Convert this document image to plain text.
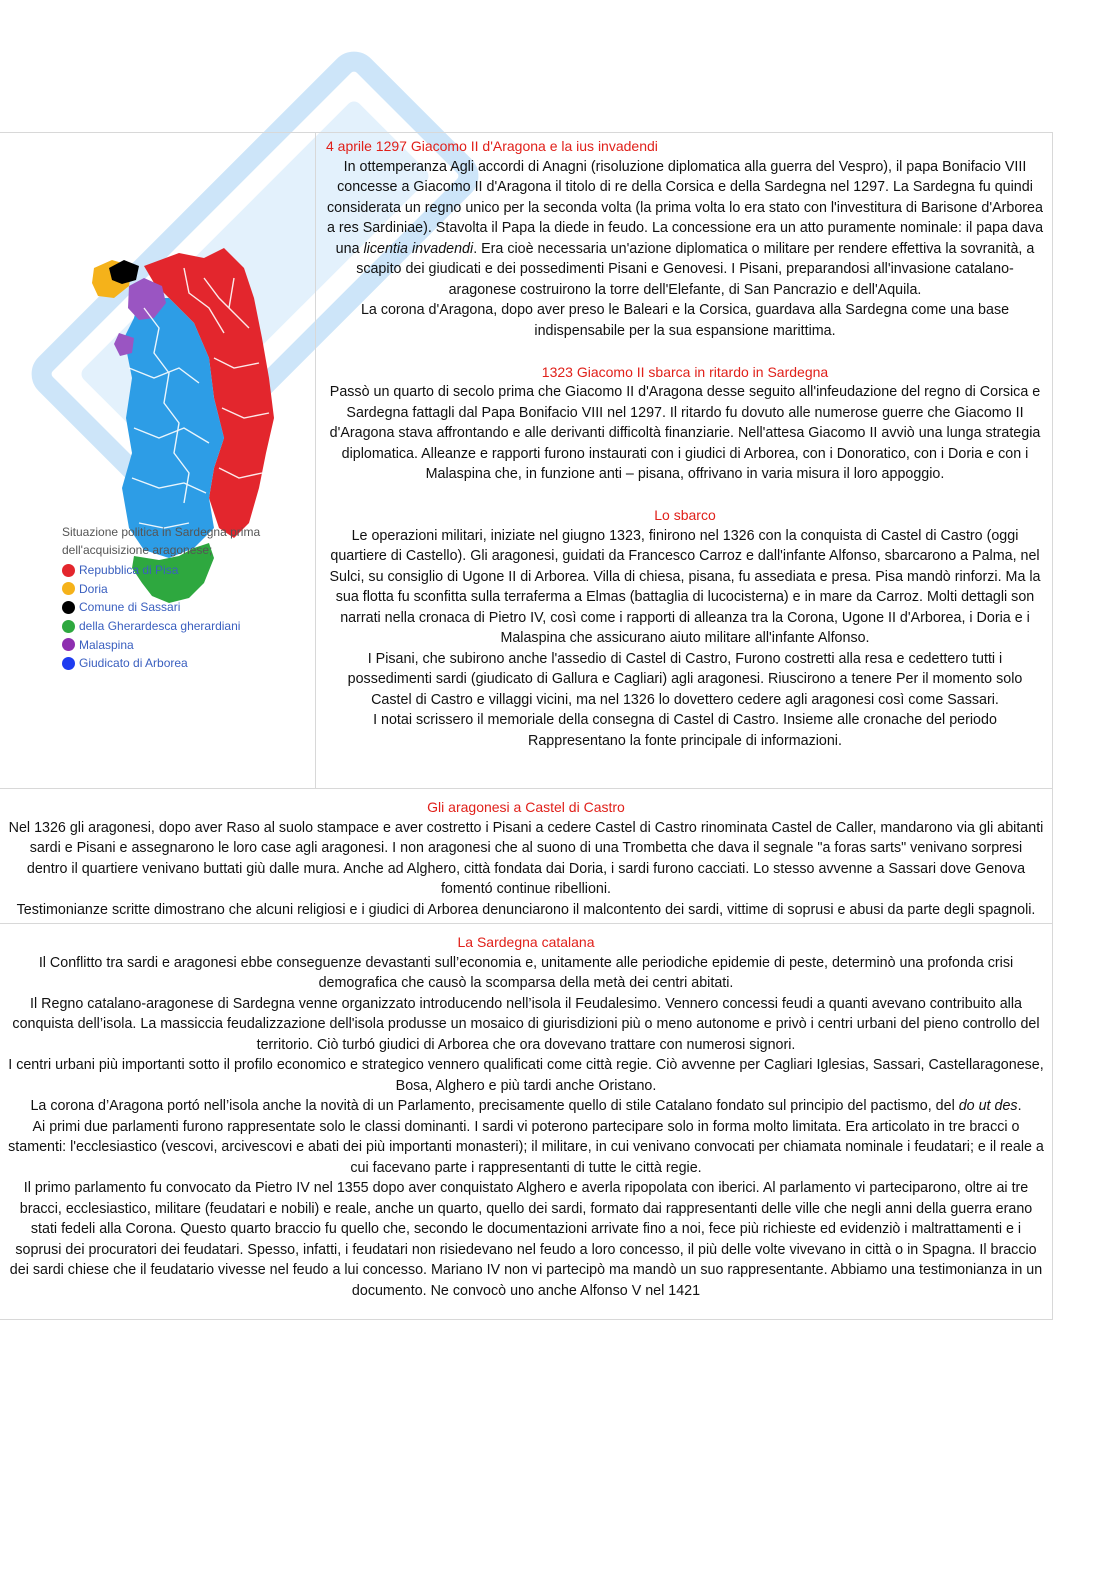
Situazione politica in Sardegna prima
dell'acquisizione aragonese;
Repubblica di Pisa
Doria
Comune di Sassari
della Gherardesca gherardiani
Malaspina
Giudicato di Arborea
4 aprile 1297 Giacomo II d'Aragona e la ius invadendi

In ottemperanza Agli accordi di Anagni (risoluzione diplomatica alla guerra del Vespro), il papa Bonifacio VIII concesse a Giacomo II d'Aragona il titolo di re della Corsica e della Sardegna nel 1297. La Sardegna fu quindi considerata un regno unico per la seconda volta (la prima volta lo era stato con l'investitura di Barisone d'Arborea a res Sardiniae). Stavolta il Papa la diede in feudo. La concessione era un atto puramente nominale: il papa dava una licentia invadendi. Era cioè necessaria un'azione diplomatica o militare per rendere effettiva la sovranità, a scapito dei giudicati e dei possedimenti Pisani e Genovesi. I Pisani, preparandosi all'invasione catalano-aragonese costruirono la torre dell'Elefante, di San Pancrazio e dell'Aquila.

La corona d'Aragona, dopo aver preso le Baleari e la Corsica, guardava alla Sardegna come una base indispensabile per la sua espansione marittima.

1323 Giacomo II sbarca in ritardo in Sardegna

Passò un quarto di secolo prima che Giacomo II d'Aragona desse seguito all'infeudazione del regno di Corsica e Sardegna fattagli dal Papa Bonifacio VIII nel 1297. Il ritardo fu dovuto alle numerose guerre che Giacomo II d'Aragona stava affrontando e alle derivanti difficoltà finanziarie. Nell'attesa Giacomo II avviò una lunga strategia diplomatica. Alleanze e rapporti furono instaurati con i giudici di Arborea, con i Donoratico, con i Doria e con i Malaspina che, in funzione anti – pisana, offrivano in varia misura il loro appoggio.

Lo sbarco

Le operazioni militari, iniziate nel giugno 1323, finirono nel 1326 con la conquista di Castel di Castro (oggi quartiere di Castello). Gli aragonesi, guidati da Francesco Carroz e dall'infante Alfonso, sbarcarono a Palma, nel Sulci, su consiglio di Ugone II di Arborea. Villa di chiesa, pisana, fu assediata e presa. Pisa mandò rinforzi. Ma la sua flotta fu sconfitta sulla terraferma a Elmas (battaglia di lucocisterna) e in mare da Carroz. Molti dettagli son narrati nella cronaca di Pietro IV, così come i rapporti di alleanza tra la Corona, Ugone II d'Arborea, i Doria e i Malaspina che assicurano aiuto militare all'infante Alfonso.

I Pisani, che subirono anche l'assedio di Castel di Castro, Furono costretti alla resa e cedettero tutti i possedimenti sardi (giudicato di Gallura e Cagliari) agli aragonesi. Riuscirono a tenere Per il momento solo Castel di Castro e villaggi vicini, ma nel 1326 lo dovettero cedere agli aragonesi così come Sassari.

I notai scrissero il memoriale della consegna di Castel di Castro. Insieme alle cronache del periodo Rappresentano la fonte principale di informazioni.

Gli aragonesi a Castel di Castro

Nel 1326 gli aragonesi, dopo aver Raso al suolo stampace e aver costretto i Pisani a cedere Castel di Castro rinominata Castel de Caller, mandarono via gli abitanti sardi e Pisani e assegnarono le loro case agli aragonesi. I non aragonesi che al suono di una Trombetta che dava il segnale "a foras sarts" venivano sorpresi dentro il quartiere venivano buttati giù dalle mura. Anche ad Alghero, città fondata dai Doria, i sardi furono cacciati. Lo stesso avvenne a Sassari dove Genova fomentó continue ribellioni.

Testimonianze scritte dimostrano che alcuni religiosi e i giudici di Arborea denunciarono il malcontento dei sardi, vittime di soprusi e abusi da parte degli spagnoli.

La Sardegna catalana

Il Conflitto tra sardi e aragonesi ebbe conseguenze devastanti sull’economia e, unitamente alle periodiche epidemie di peste, determinò una profonda crisi demografica che causò la scomparsa della metà dei centri abitati.

Il Regno catalano-aragonese di Sardegna venne organizzato introducendo nell’isola il Feudalesimo. Vennero concessi feudi a quanti avevano contribuito alla conquista dell’isola. La massiccia feudalizzazione dell'isola produsse un mosaico di giurisdizioni più o meno autonome e privò i centri urbani del pieno controllo del territorio. Ciò turbó giudici di Arborea che ora dovevano trattare con numerosi signori.

I centri urbani più importanti sotto il profilo economico e strategico vennero qualificati come città regie. Ciò avvenne per Cagliari Iglesias, Sassari, Castellaragonese, Bosa, Alghero e più tardi anche Oristano.

La corona d’Aragona portó nell’isola anche la novità di un Parlamento, precisamente quello di stile Catalano fondato sul principio del pactismo, del do ut des.

Ai primi due parlamenti furono rappresentate solo le classi dominanti. I sardi vi poterono partecipare solo in forma molto limitata. Era articolato in tre bracci o stamenti: l'ecclesiastico (vescovi, arcivescovi e abati dei più importanti monasteri); il militare, in cui venivano convocati per chiamata nominale i feudatari; e il reale a cui facevano parte i rappresentanti di tutte le città regie.

Il primo parlamento fu convocato da Pietro IV nel 1355 dopo aver conquistato Alghero e averla ripopolata con iberici. Al parlamento vi parteciparono, oltre ai tre bracci, ecclesiastico, militare (feudatari e nobili) e reale, anche un quarto, quello dei sardi, formato dai rappresentanti delle ville che negli anni della guerra erano stati fedeli alla Corona. Questo quarto braccio fu quello che, secondo le documentazioni arrivate fino a noi, fece più richieste ed evidenziò i maltrattamenti e i soprusi dei procuratori dei feudatari. Spesso, infatti, i feudatari non risiedevano nel feudo a loro concesso, il più delle volte vivevano in città o in Spagna. Il braccio dei sardi chiese che il feudatario vivesse nel feudo a lui concesso. Mariano IV non vi partecipò ma mandò un suo rappresentante. Abbiamo una testimonianza in un documento. Ne convocò uno anche Alfonso V nel 1421
